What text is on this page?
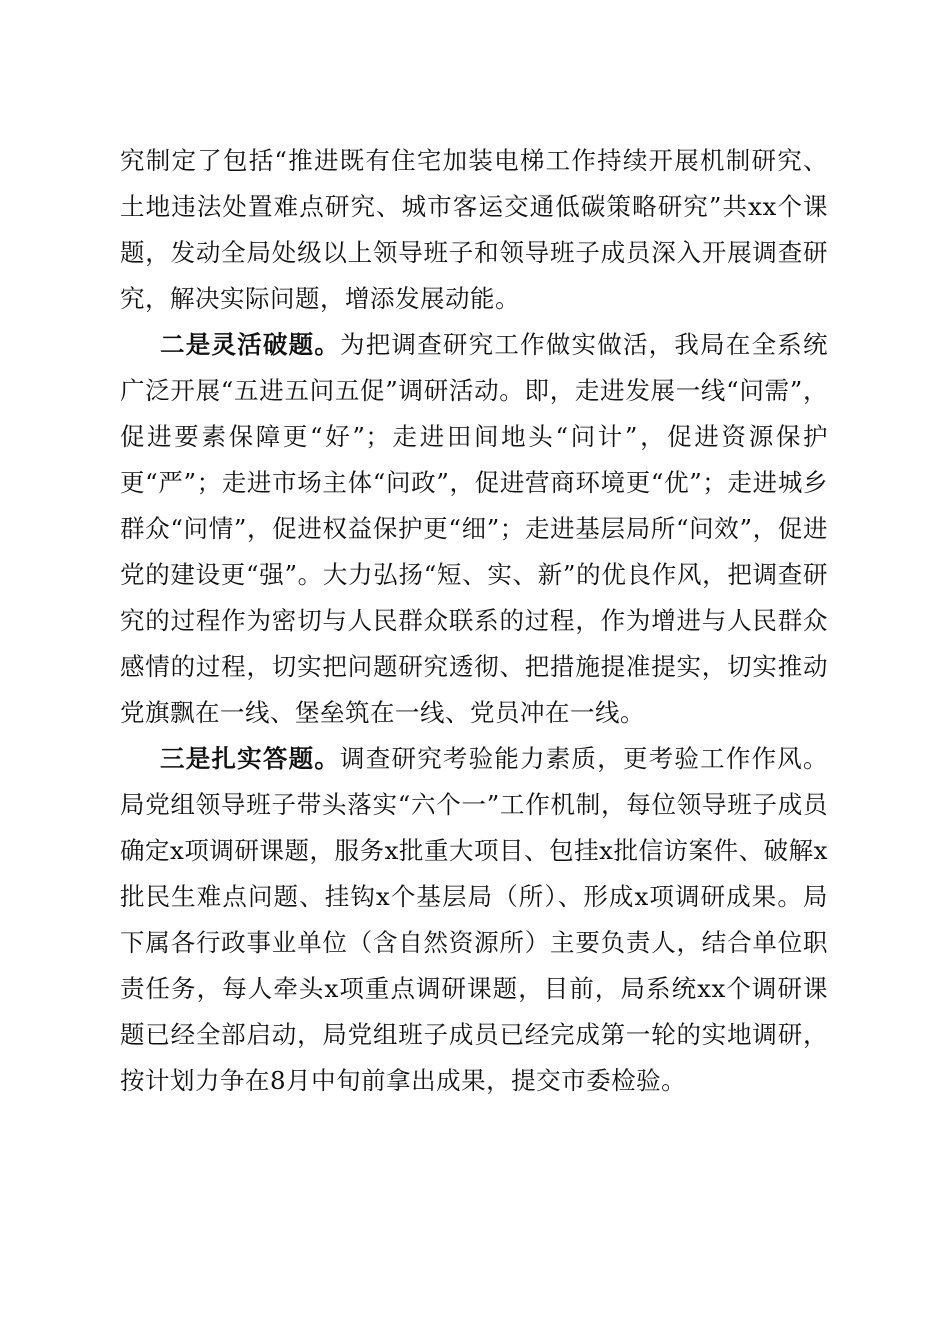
究制定了包括“推进既有住宅加装电梯工作持续开展机制研究、土地违法处置难点研究、城市客运交通低碳策略研究”共xx个课题，发动全局处级以上领导班子和领导班子成员深入开展调查研究，解决实际问题，增添发展动能。

二是灵活破题。为把调查研究工作做实做活，我局在全系统广泛开展“五进五问五促”调研活动。即，走进发展一线“问需”，促进要素保障更“好”；走进田间地头“问计”，促进资源保护更“严”；走进市场主体“问政”，促进营商环境更“优”；走进城乡群众“问情”，促进权益保护更“细”；走进基层局所“问效”，促进党的建设更“强”。大力弘扬“短、实、新”的优良作风，把调查研究的过程作为密切与人民群众联系的过程，作为增进与人民群众感情的过程，切实把问题研究透彻、把措施提准提实，切实推动党旗飘在一线、堡垒筑在一线、党员冲在一线。

三是扎实答题。调查研究考验能力素质，更考验工作作风。局党组领导班子带头落实“六个一”工作机制，每位领导班子成员确定x项调研课题，服务x批重大项目、包挂x批信访案件、破解x批民生难点问题、挂钩x个基层局（所）、形成x项调研成果。局下属各行政事业单位（含自然资源所）主要负责人，结合单位职责任务，每人牵头x项重点调研课题，目前，局系统xx个调研课题已经全部启动，局党组班子成员已经完成第一轮的实地调研，按计划力争在8月中旬前拿出成果，提交市委检验。
